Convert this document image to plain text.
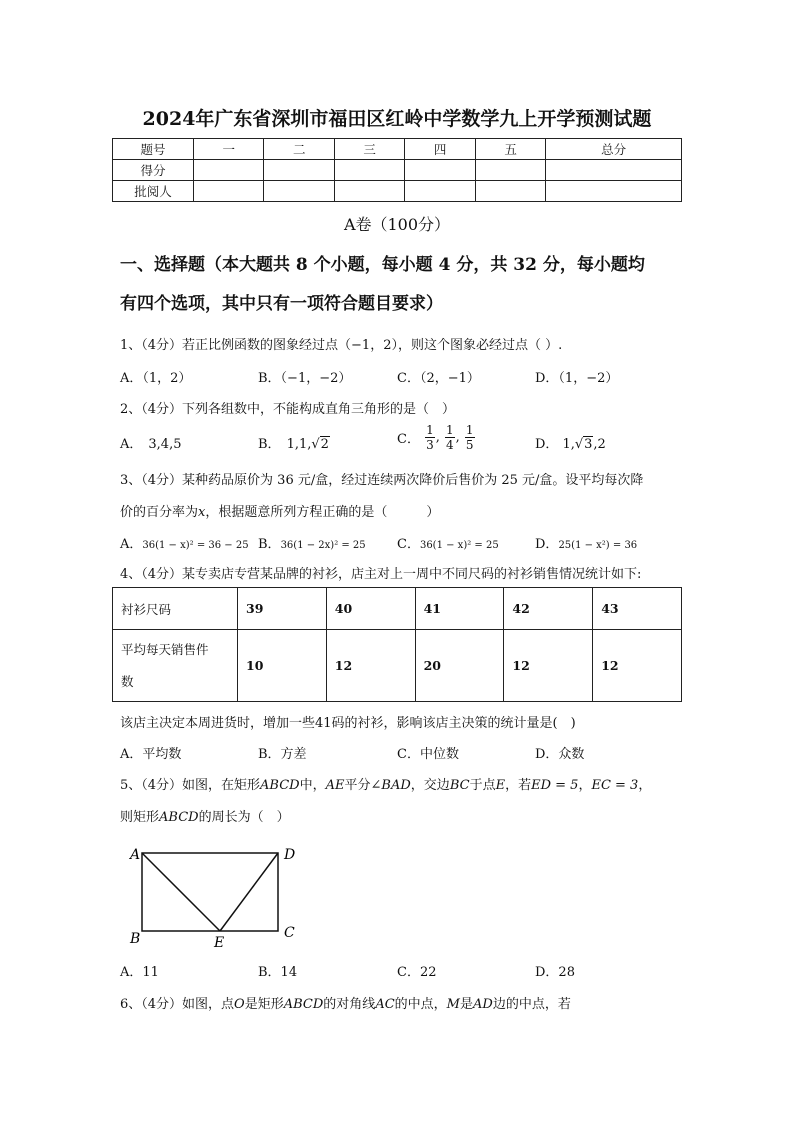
2024年广东省深圳市福田区红岭中学数学九上开学预测试题
题号	一	二	三	四	五	总分
得分						
批阅人						
A卷（100分）
一、选择题（本大题共 8 个小题，每小题 4 分，共 32 分，每小题均
有四个选项，其中只有一项符合题目要求）
1、（4分）若正比例函数的图象经过点（−1，2），则这个图象必经过点（ ）.
A．（1，2）	B．（−1，−2）	C．（2，−1）	D．（1，−2）
2、（4分）下列各组数中，不能构成直角三角形的是（　）
A． 3,4,5	B． 1,1,√2	C． $\frac{1}{3}$ , $\frac{1}{4}$ , $\frac{1}{5}$	D． 1,√3,2
3、（4分）某种药品原价为 36 元/盒，经过连续两次降价后售价为 25 元/盒。设平均每次降
价的百分率为x，根据题意所列方程正确的是（　　　）
A．36(1 − x)² = 36 − 25 B．36(1 − 2x)² = 25 C．36(1 − x)² = 25	D．25(1 − x²) = 36
4、（4分）某专卖店专营某品牌的衬衫，店主对上一周中不同尺码的衬衫销售情况统计如下:
衬衫尺码	39	40	41	42	43
平均每天销售件
数	10	12	20	12	12
该店主决定本周进货时，增加一些41码的衬衫，影响该店主决策的统计量是(　)
A．平均数	B．方差	C．中位数	D．众数
5、（4分）如图，在矩形ABCD中，AE平分∠BAD，交边BC于点E，若ED = 5，EC = 3，
则矩形ABCD的周长为（　）
A	D
B	E
C
A．11	B．14	C．22	D．28
6、（4分）如图，点O是矩形ABCD的对角线AC的中点，M是AD边的中点，若
